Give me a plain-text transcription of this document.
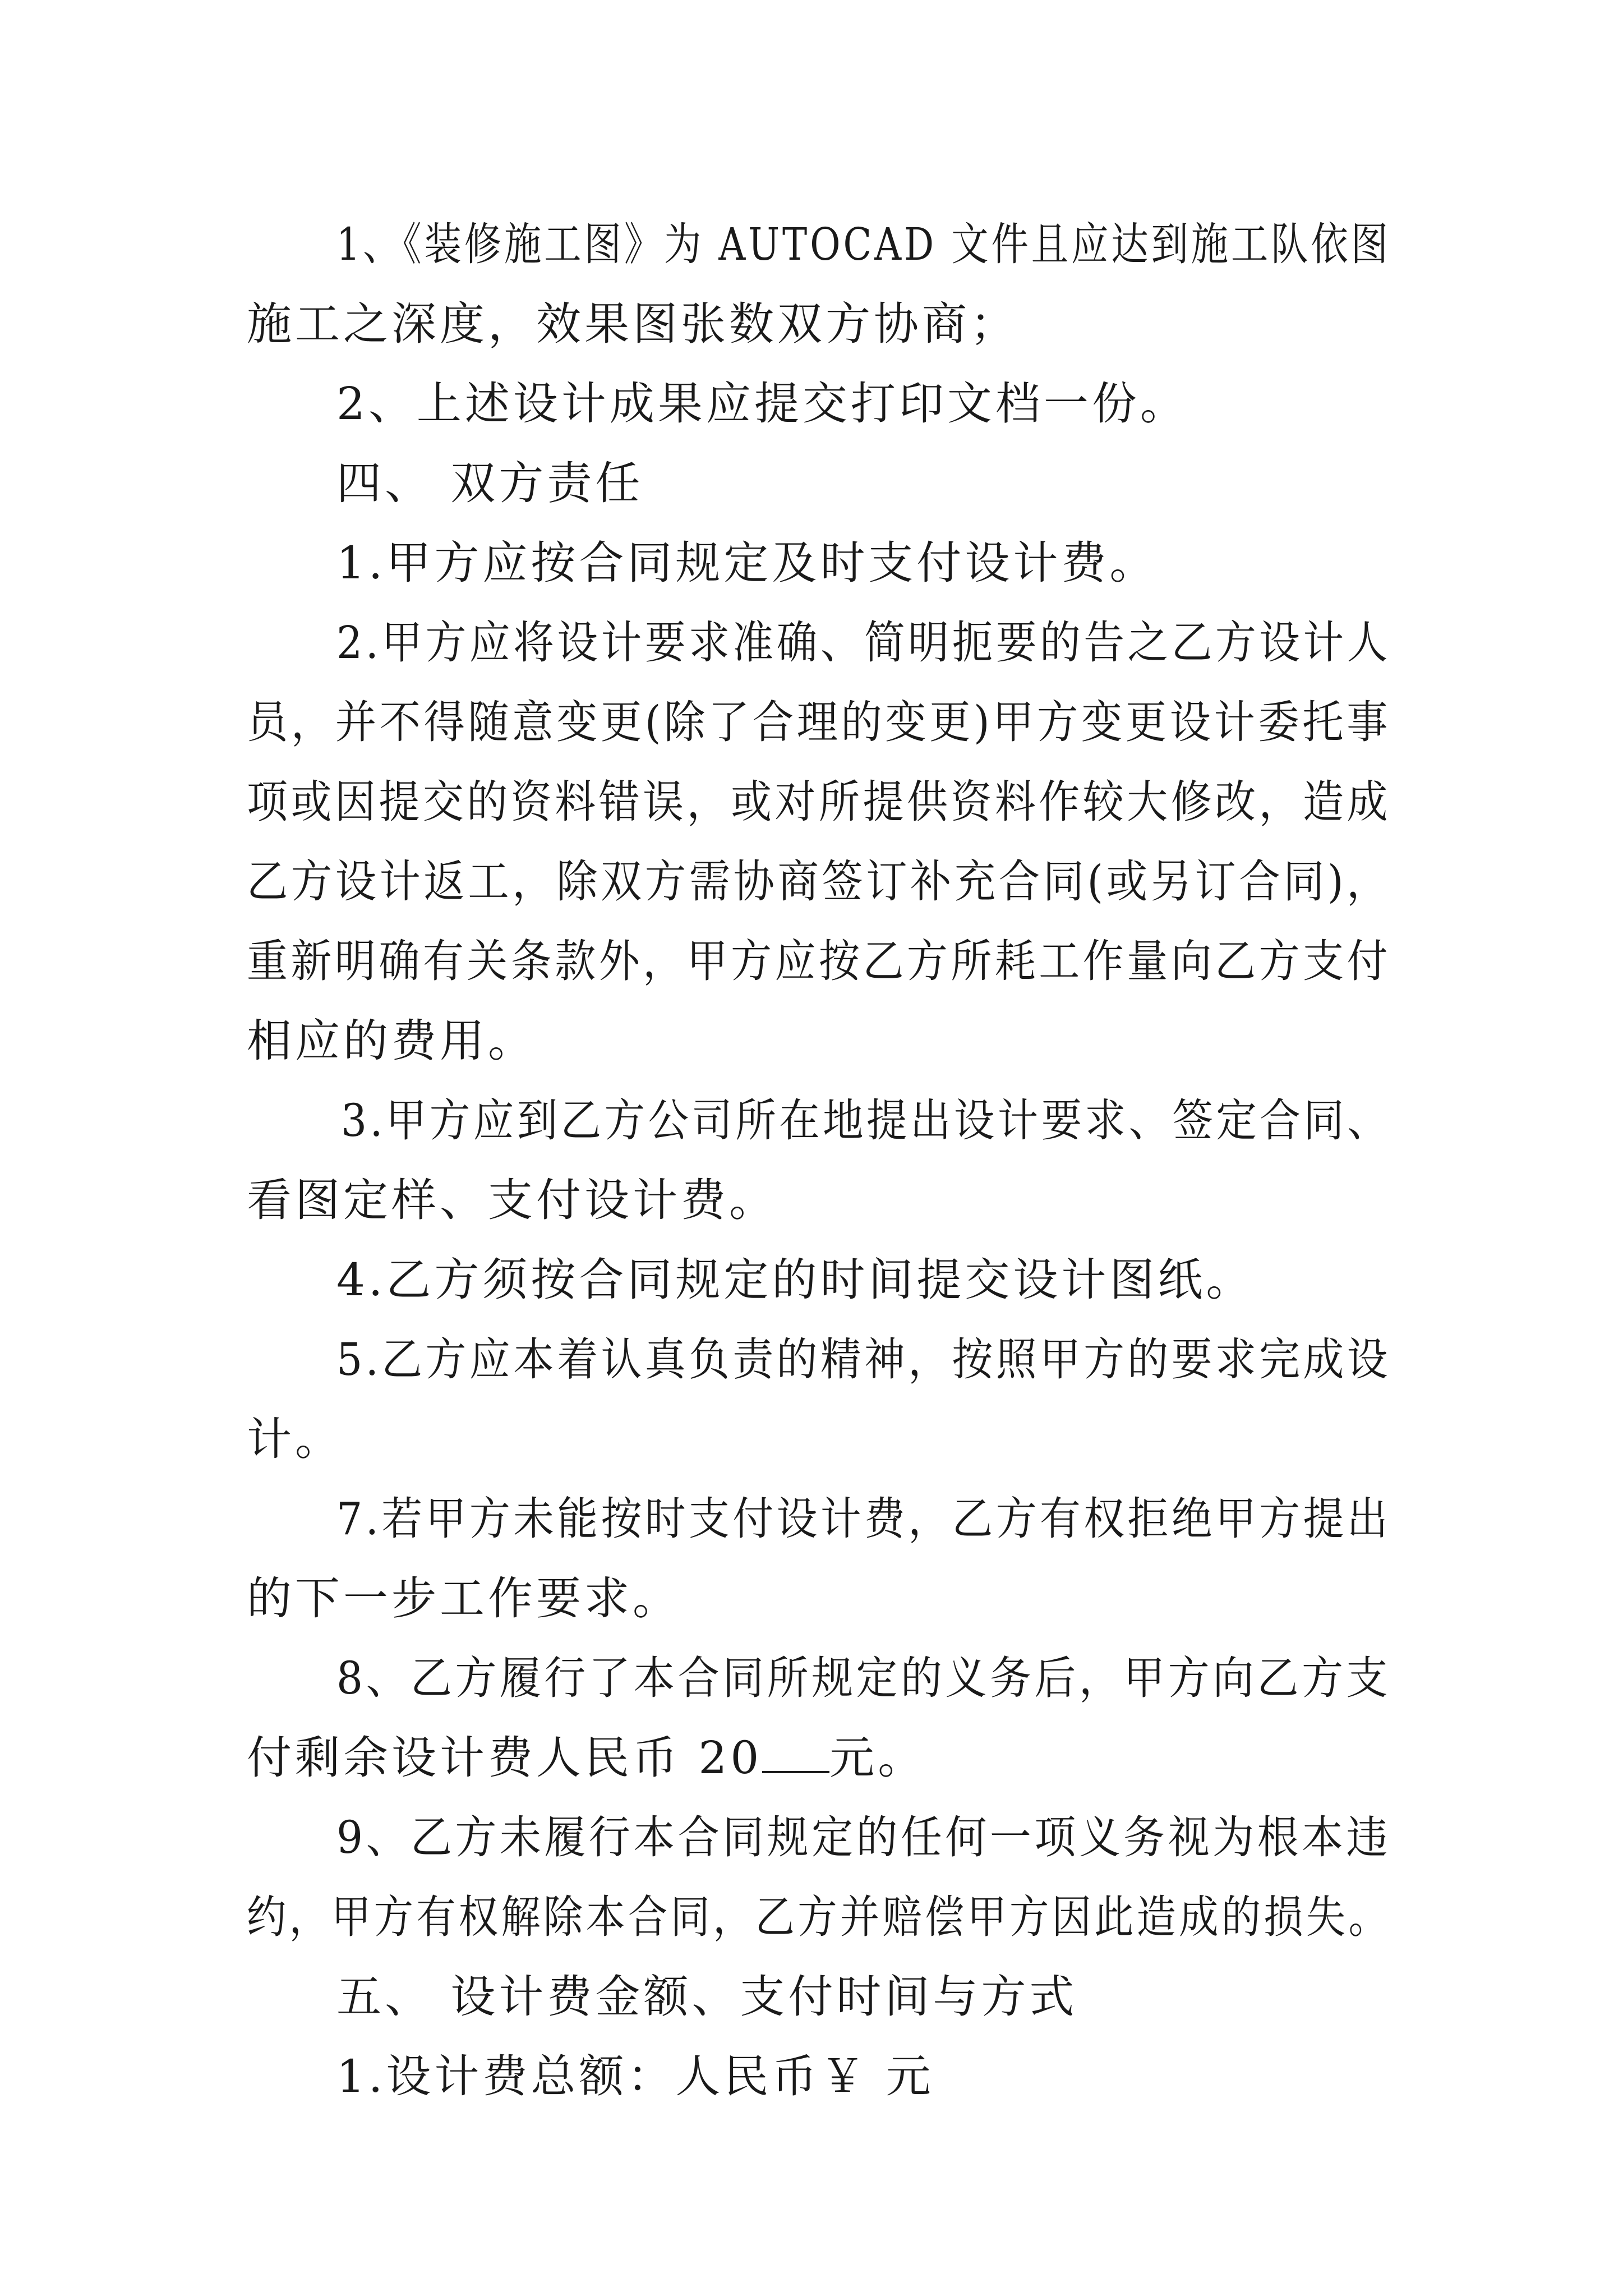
1、《装修施工图》为 AUTOCAD 文件且应达到施工队依图
施工之深度，效果图张数双方协商；
2、上述设计成果应提交打印文档一份。
四、 双方责任
1.甲方应按合同规定及时支付设计费。
2.甲方应将设计要求准确、简明扼要的告之乙方设计人
员，并不得随意变更(除了合理的变更)甲方变更设计委托事
项或因提交的资料错误，或对所提供资料作较大修改，造成
乙方设计返工，除双方需协商签订补充合同(或另订合同)，
重新明确有关条款外，甲方应按乙方所耗工作量向乙方支付
相应的费用。
3.甲方应到乙方公司所在地提出设计要求、签定合同、
看图定样、支付设计费。
4.乙方须按合同规定的时间提交设计图纸。
5.乙方应本着认真负责的精神，按照甲方的要求完成设
计。
7.若甲方未能按时支付设计费，乙方有权拒绝甲方提出
的下一步工作要求。
8、乙方履行了本合同所规定的义务后，甲方向乙方支
付剩余设计费人民币 20 元。
9、乙方未履行本合同规定的任何一项义务视为根本违
约，甲方有权解除本合同，乙方并赔偿甲方因此造成的损失。
五、 设计费金额、支付时间与方式
1.设计费总额：人民币￥ 元
